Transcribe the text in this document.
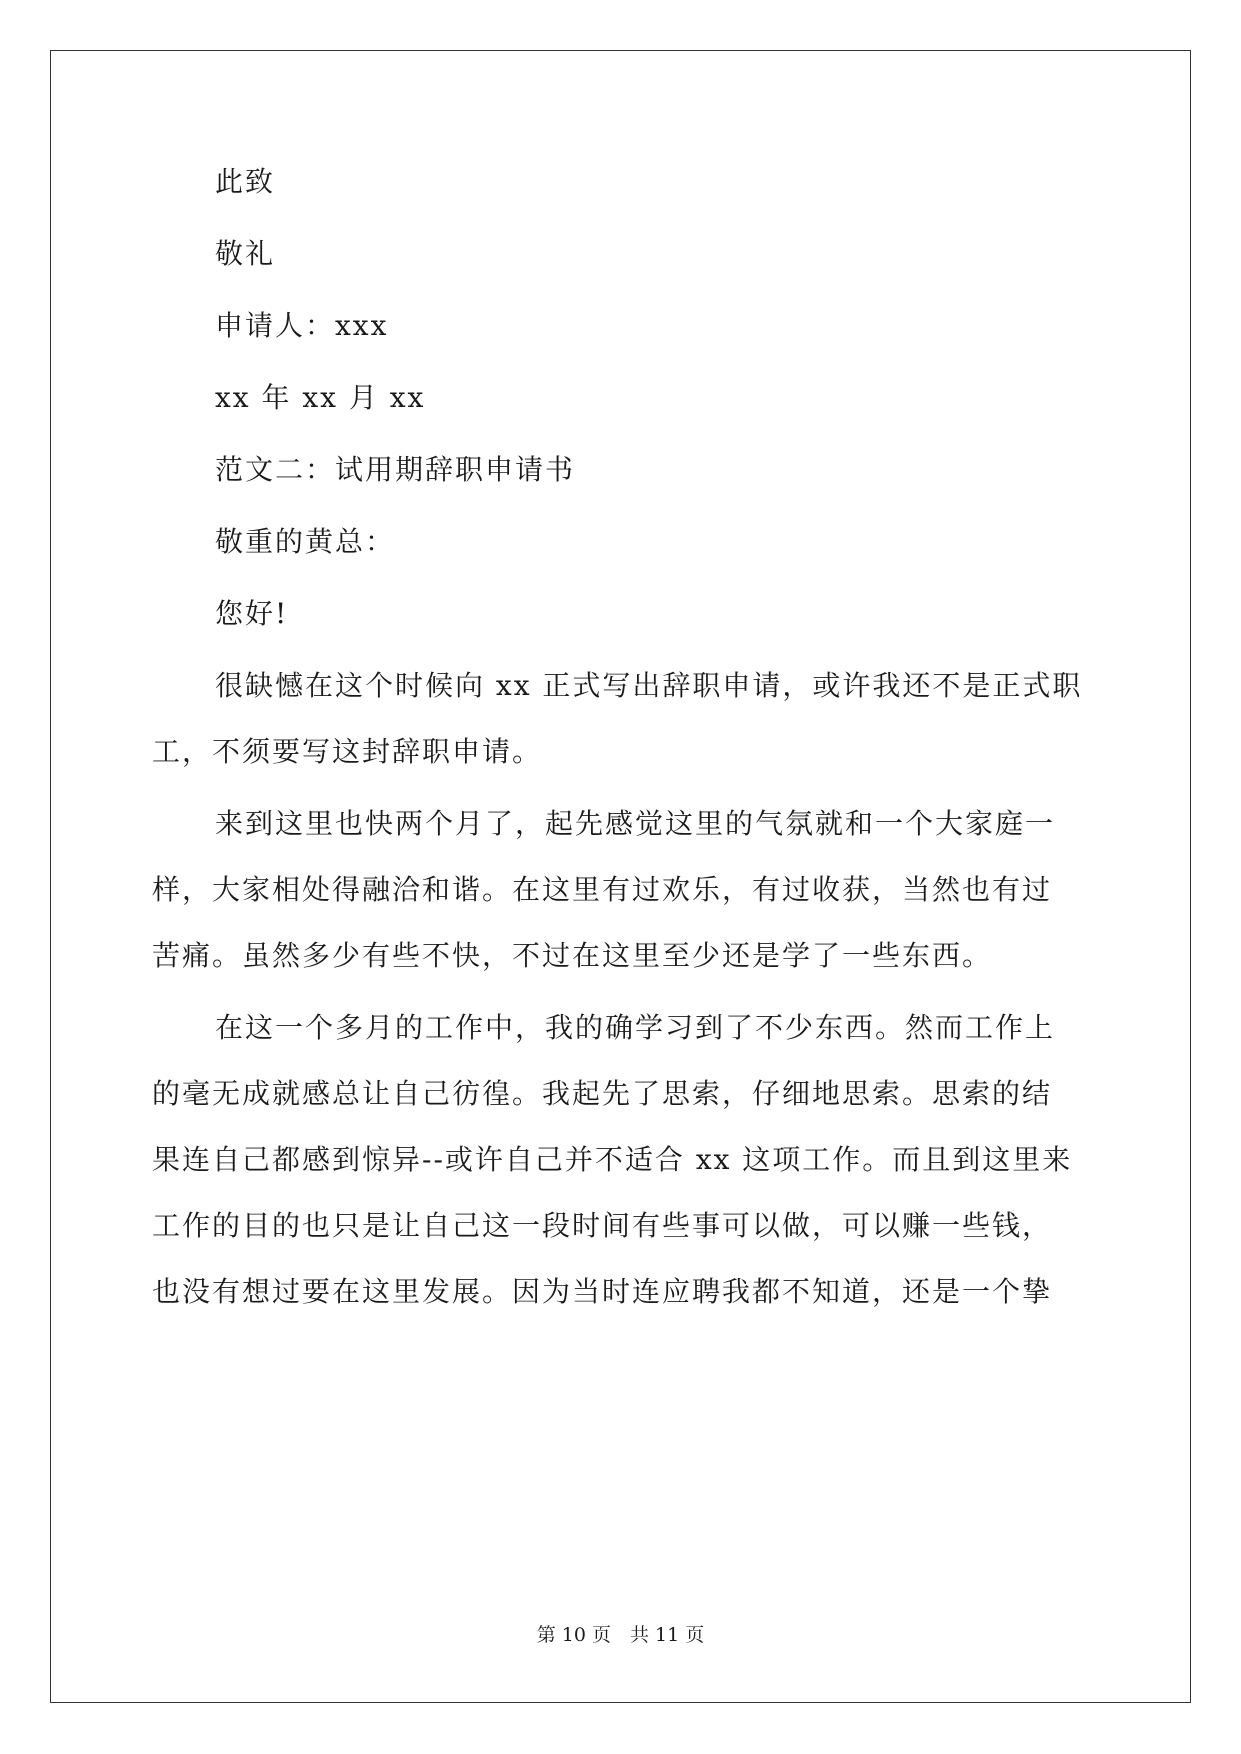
此致
敬礼
申请人：xxx
xx 年 xx 月 xx
范文二：试用期辞职申请书
敬重的黄总：
您好!
很缺憾在这个时候向 xx 正式写出辞职申请，或许我还不是正式职
工，不须要写这封辞职申请。
来到这里也快两个月了，起先感觉这里的气氛就和一个大家庭一
样，大家相处得融洽和谐。在这里有过欢乐，有过收获，当然也有过
苦痛。虽然多少有些不快，不过在这里至少还是学了一些东西。
在这一个多月的工作中，我的确学习到了不少东西。然而工作上
的毫无成就感总让自己彷徨。我起先了思索，仔细地思索。思索的结
果连自己都感到惊异--或许自己并不适合 xx 这项工作。而且到这里来
工作的目的也只是让自己这一段时间有些事可以做，可以赚一些钱，
也没有想过要在这里发展。因为当时连应聘我都不知道，还是一个挚
第 10 页　共 11 页
